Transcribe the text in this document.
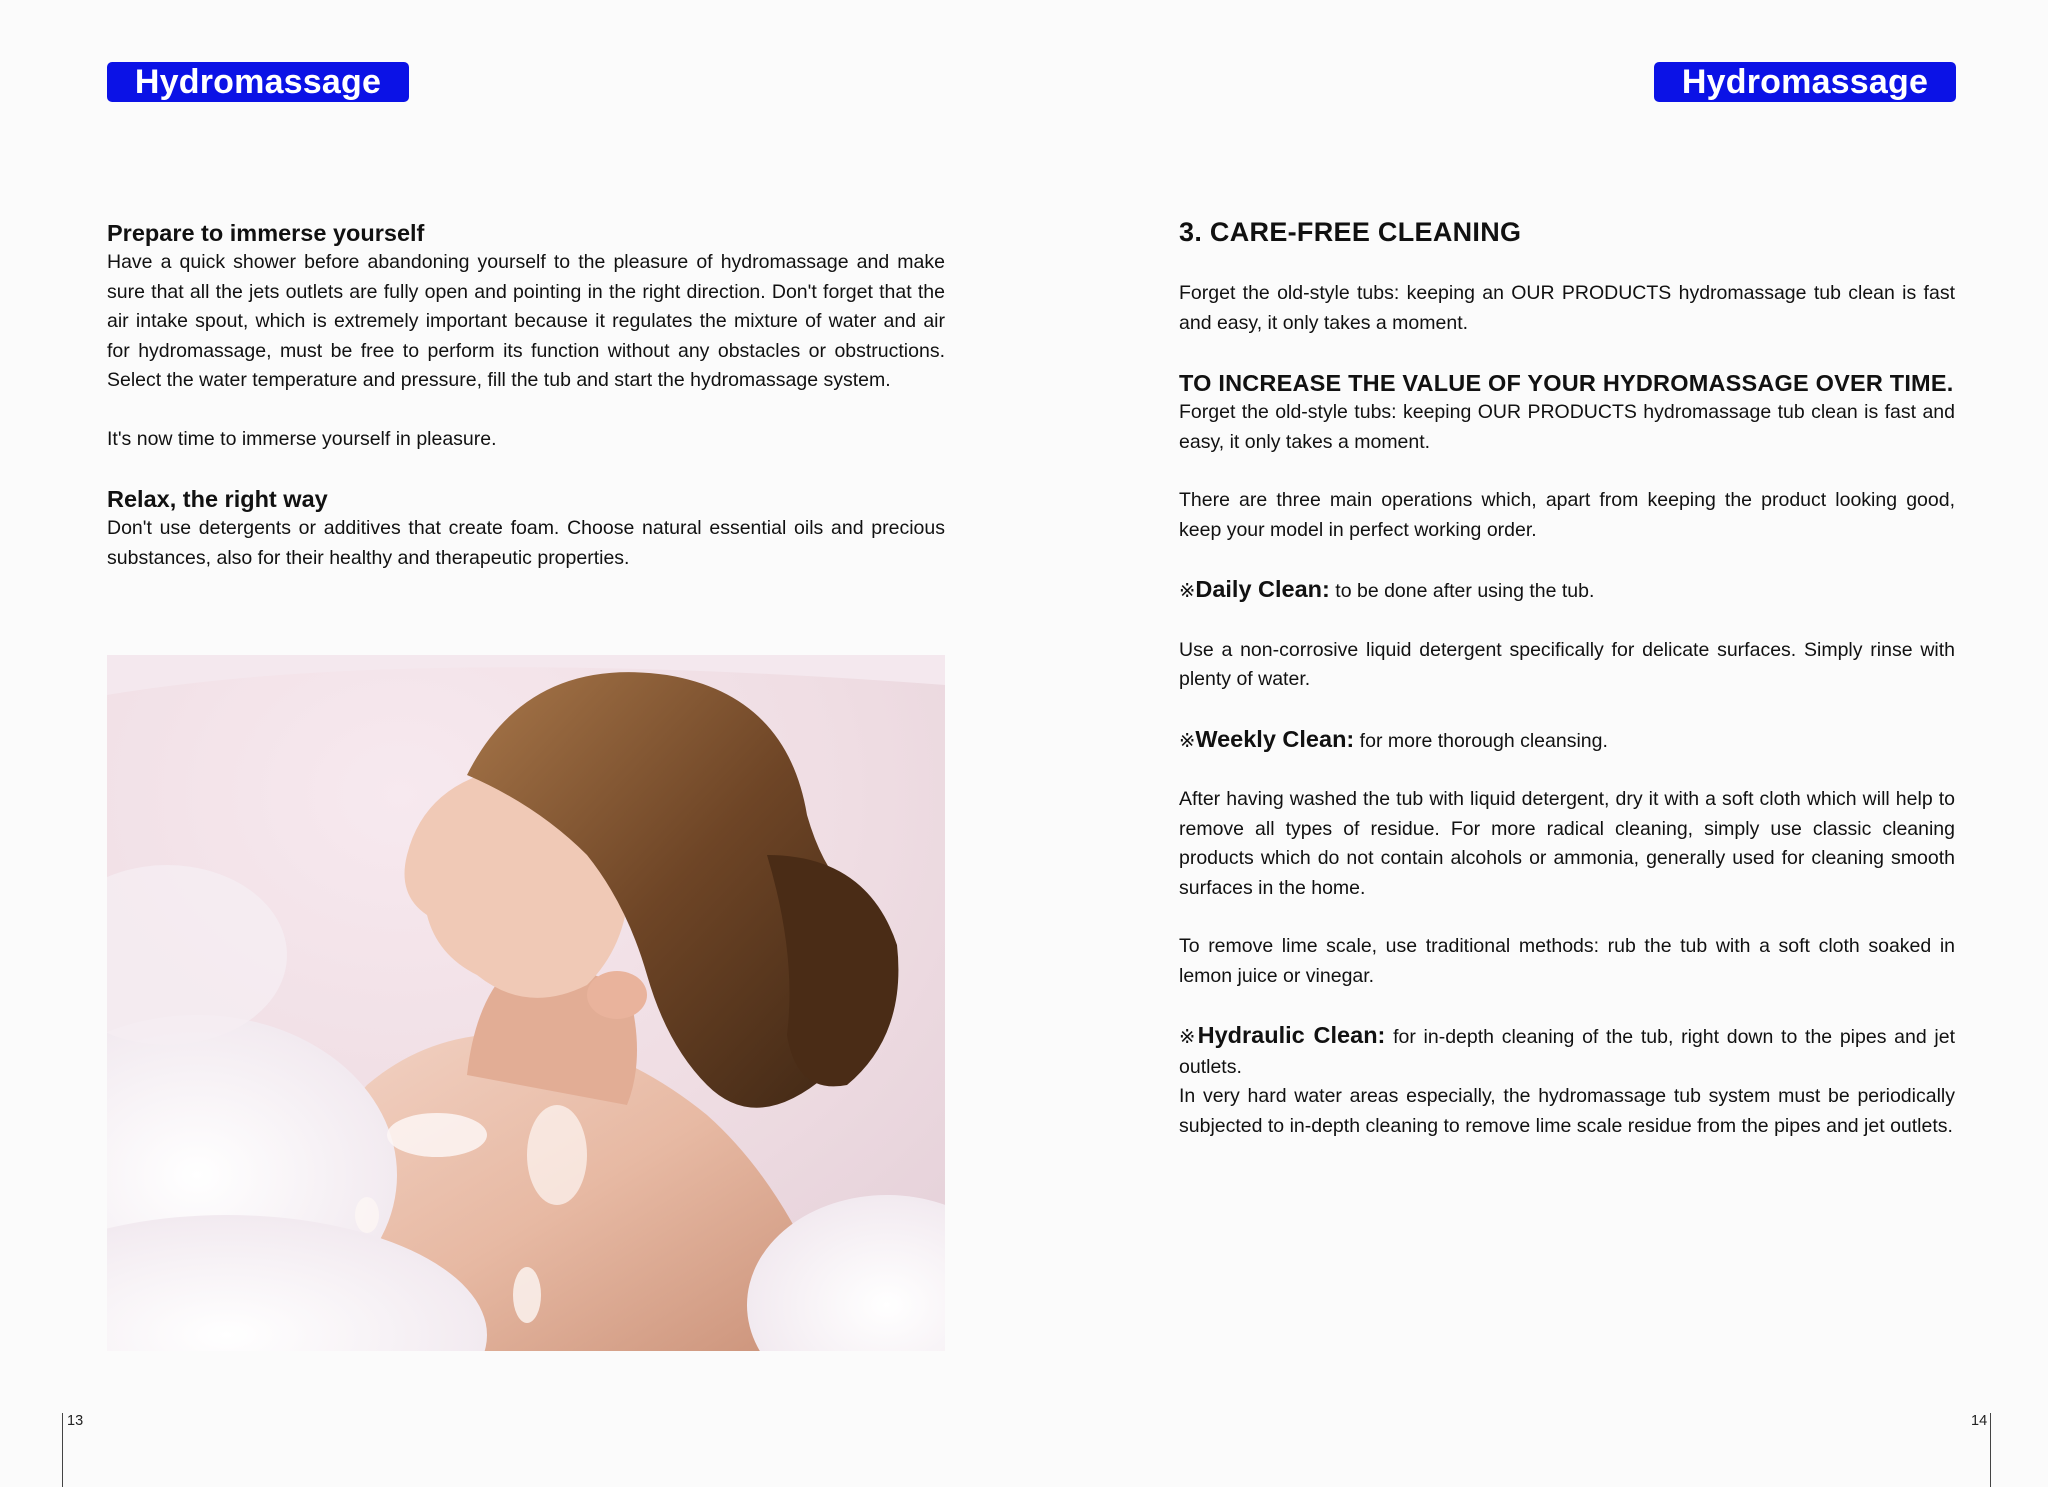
Hydromassage
Prepare to immerse yourself

Have a quick shower before abandoning yourself to the pleasure of hydromassage and make sure that all the jets outlets are fully open and pointing in the right direction. Don't forget that the air intake spout, which is extremely important because it regulates the mixture of water and air for hydromassage, must be free to perform its function without any obstacles or obstructions. Select the water temperature and pressure, fill the tub and start the hydromassage system.

It's now time to immerse yourself in pleasure.

Relax, the right way

Don't use detergents or additives that create foam. Choose natural essential oils and precious substances, also for their healthy and therapeutic properties.

13
Hydromassage
3. CARE-FREE CLEANING

Forget the old-style tubs: keeping an OUR PRODUCTS hydromassage tub clean is fast and easy, it only takes a moment.

TO INCREASE THE VALUE OF YOUR HYDROMASSAGE OVER TIME.

Forget the old-style tubs: keeping OUR PRODUCTS hydromassage tub clean is fast and easy, it only takes a moment.

There are three main operations which, apart from keeping the product looking good, keep your model in perfect working order.

※Daily Clean: to be done after using the tub.

Use a non-corrosive liquid detergent specifically for delicate surfaces. Simply rinse with plenty of water.

※Weekly Clean: for more thorough cleansing.

After having washed the tub with liquid detergent, dry it with a soft cloth which will help to remove all types of residue. For more radical cleaning, simply use classic cleaning products which do not contain alcohols or ammonia, generally used for cleaning smooth surfaces in the home.

To remove lime scale, use traditional methods: rub the tub with a soft cloth soaked in lemon juice or vinegar.

※Hydraulic Clean: for in-depth cleaning of the tub, right down to the pipes and jet outlets.

In very hard water areas especially, the hydromassage tub system must be periodically subjected to in-depth cleaning to remove lime scale residue from the pipes and jet outlets.

14
